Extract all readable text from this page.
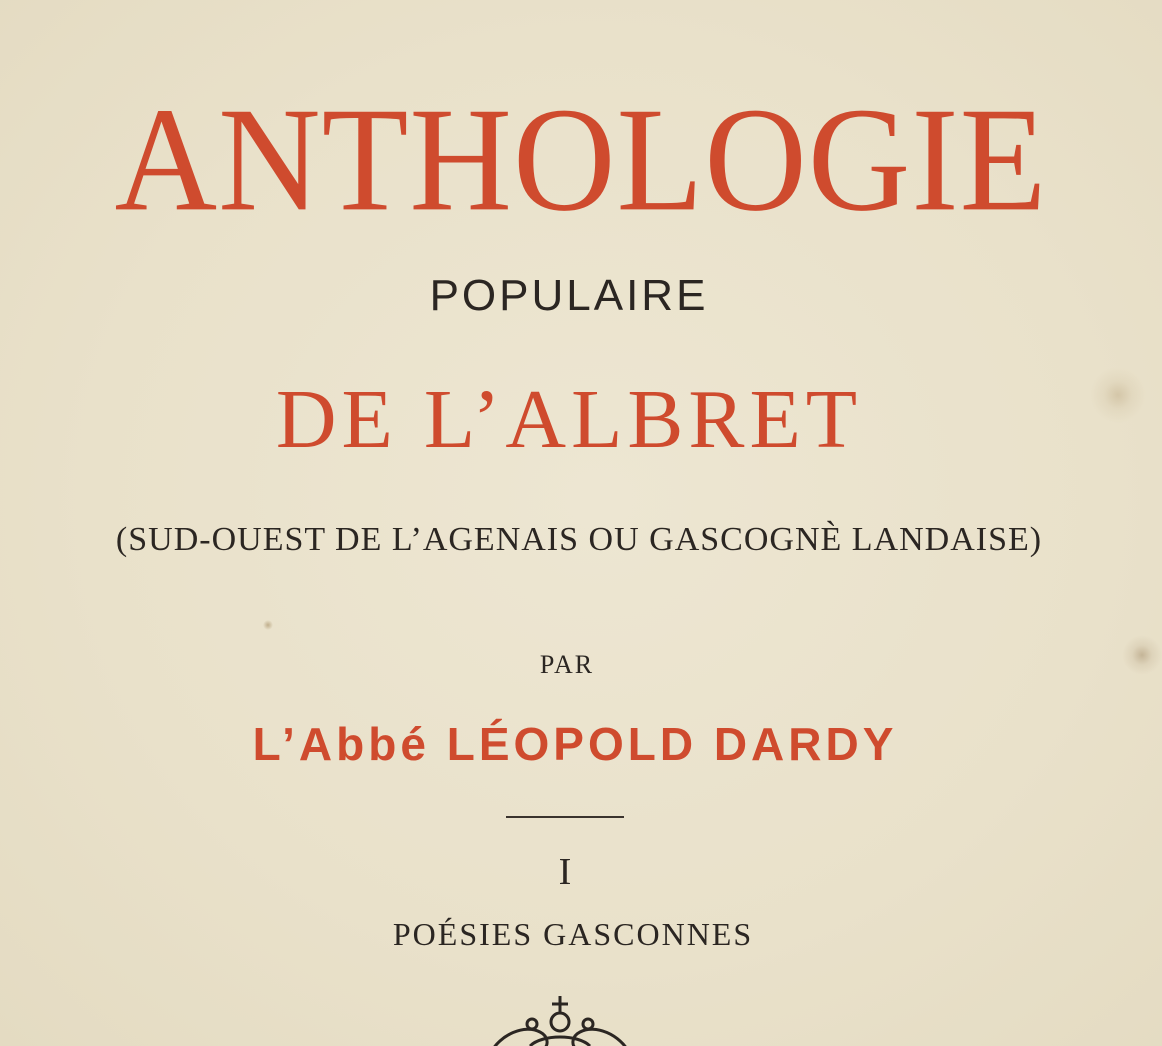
ANTHOLOGIE
POPULAIRE
DE L’ALBRET
(SUD-OUEST DE L’AGENAIS OU GASCOGNÈ LANDAISE)
PAR
L’Abbé LÉOPOLD DARDY
I
POÉSIES GASCONNES
